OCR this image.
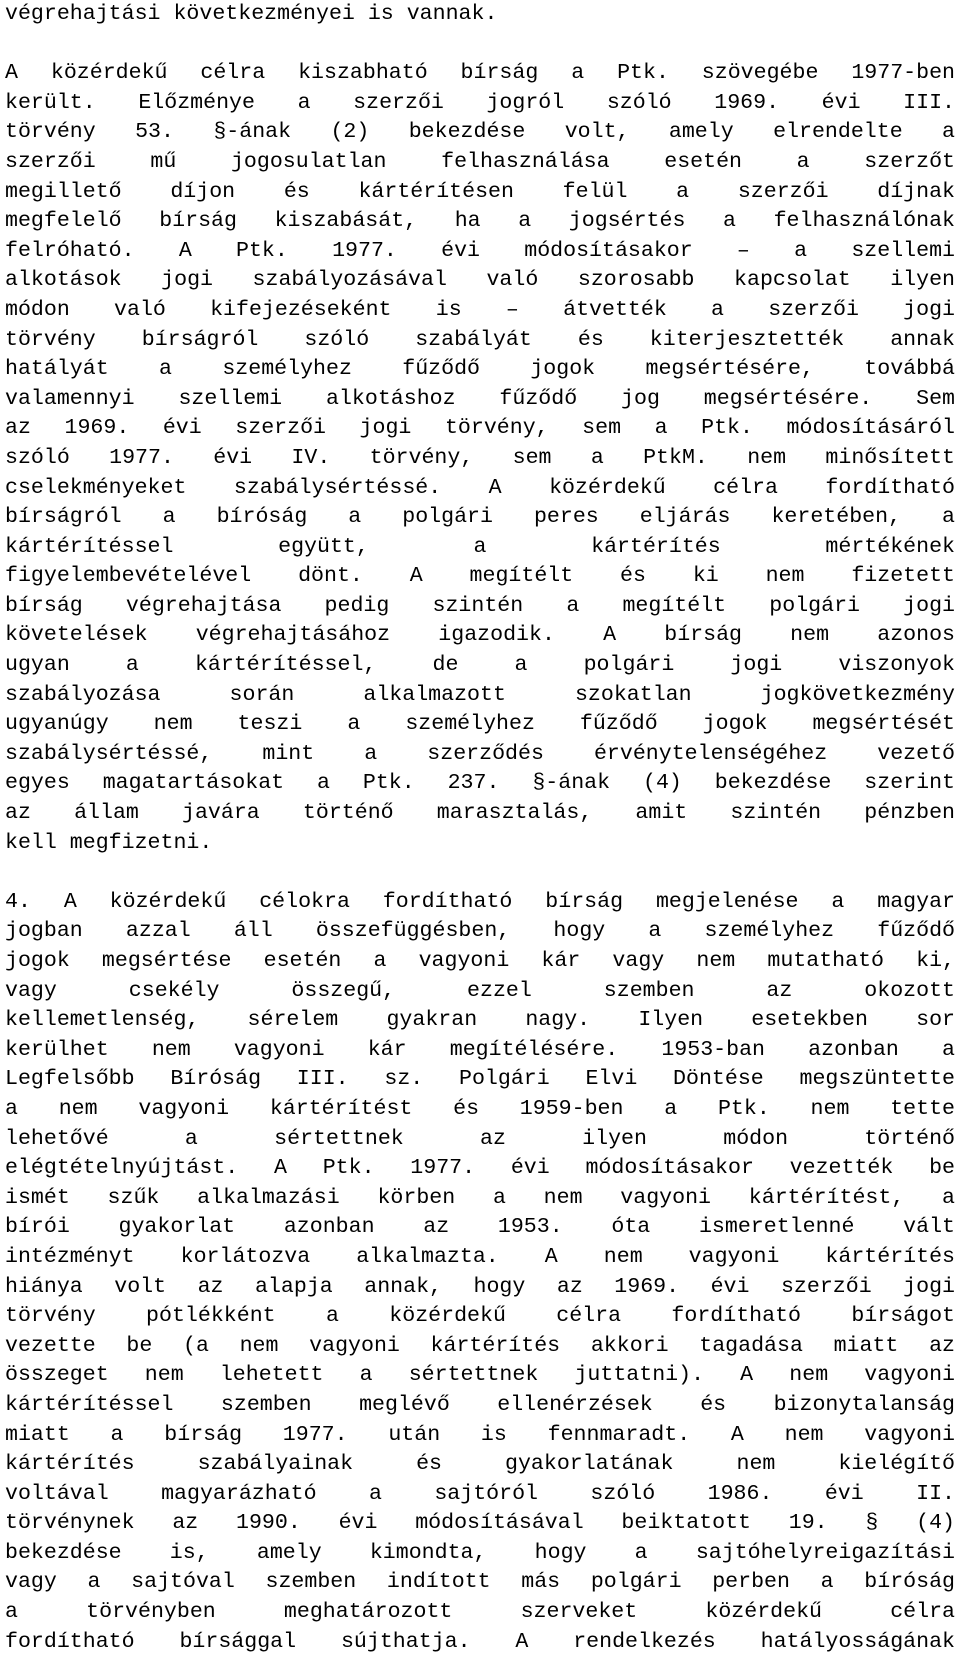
végrehajtási következményei is vannak.
A közérdekű célra kiszabható bírság a Ptk. szövegébe 1977-ben
került. Előzménye a szerzői jogról szóló 1969. évi III.
törvény 53. §-ának (2) bekezdése volt, amely elrendelte a
szerzői mű jogosulatlan felhasználása esetén a szerzőt
megillető díjon és kártérítésen felül a szerzői díjnak
megfelelő bírság kiszabását, ha a jogsértés a felhasználónak
felróható. A Ptk. 1977. évi módosításakor – a szellemi
alkotások jogi szabályozásával való szorosabb kapcsolat ilyen
módon való kifejezéseként is – átvették a szerzői jogi
törvény bírságról szóló szabályát és kiterjesztették annak
hatályát a személyhez fűződő jogok megsértésére, továbbá
valamennyi szellemi alkotáshoz fűződő jog megsértésére. Sem
az 1969. évi szerzői jogi törvény, sem a Ptk. módosításáról
szóló 1977. évi IV. törvény, sem a PtkM. nem minősített
cselekményeket szabálysértéssé. A közérdekű célra fordítható
bírságról a bíróság a polgári peres eljárás keretében, a
kártérítéssel együtt, a kártérítés mértékének
figyelembevételével dönt. A megítélt és ki nem fizetett
bírság végrehajtása pedig szintén a megítélt polgári jogi
követelések végrehajtásához igazodik. A bírság nem azonos
ugyan a kártérítéssel, de a polgári jogi viszonyok
szabályozása során alkalmazott szokatlan jogkövetkezmény
ugyanúgy nem teszi a személyhez fűződő jogok megsértését
szabálysértéssé, mint a szerződés érvénytelenségéhez vezető
egyes magatartásokat a Ptk. 237. §-ának (4) bekezdése szerint
az állam javára történő marasztalás, amit szintén pénzben
kell megfizetni.
4. A közérdekű célokra fordítható bírság megjelenése a magyar
jogban azzal áll összefüggésben, hogy a személyhez fűződő
jogok megsértése esetén a vagyoni kár vagy nem mutatható ki,
vagy csekély összegű, ezzel szemben az okozott
kellemetlenség, sérelem gyakran nagy. Ilyen esetekben sor
kerülhet nem vagyoni kár megítélésére. 1953-ban azonban a
Legfelsőbb Bíróság III. sz. Polgári Elvi Döntése megszüntette
a nem vagyoni kártérítést és 1959-ben a Ptk. nem tette
lehetővé a sértettnek az ilyen módon történő
elégtételnyújtást. A Ptk. 1977. évi módosításakor vezették be
ismét szűk alkalmazási körben a nem vagyoni kártérítést, a
bírói gyakorlat azonban az 1953. óta ismeretlenné vált
intézményt korlátozva alkalmazta. A nem vagyoni kártérítés
hiánya volt az alapja annak, hogy az 1969. évi szerzői jogi
törvény pótlékként a közérdekű célra fordítható bírságot
vezette be (a nem vagyoni kártérítés akkori tagadása miatt az
összeget nem lehetett a sértettnek juttatni). A nem vagyoni
kártérítéssel szemben meglévő ellenérzések és bizonytalanság
miatt a bírság 1977. után is fennmaradt. A nem vagyoni
kártérítés szabályainak és gyakorlatának nem kielégítő
voltával magyarázható a sajtóról szóló 1986. évi II.
törvénynek az 1990. évi módosításával beiktatott 19. § (4)
bekezdése is, amely kimondta, hogy a sajtóhelyreigazítási
vagy a sajtóval szemben indított más polgári perben a bíróság
a törvényben meghatározott szerveket közérdekű célra
fordítható bírsággal sújthatja. A rendelkezés hatályosságának
